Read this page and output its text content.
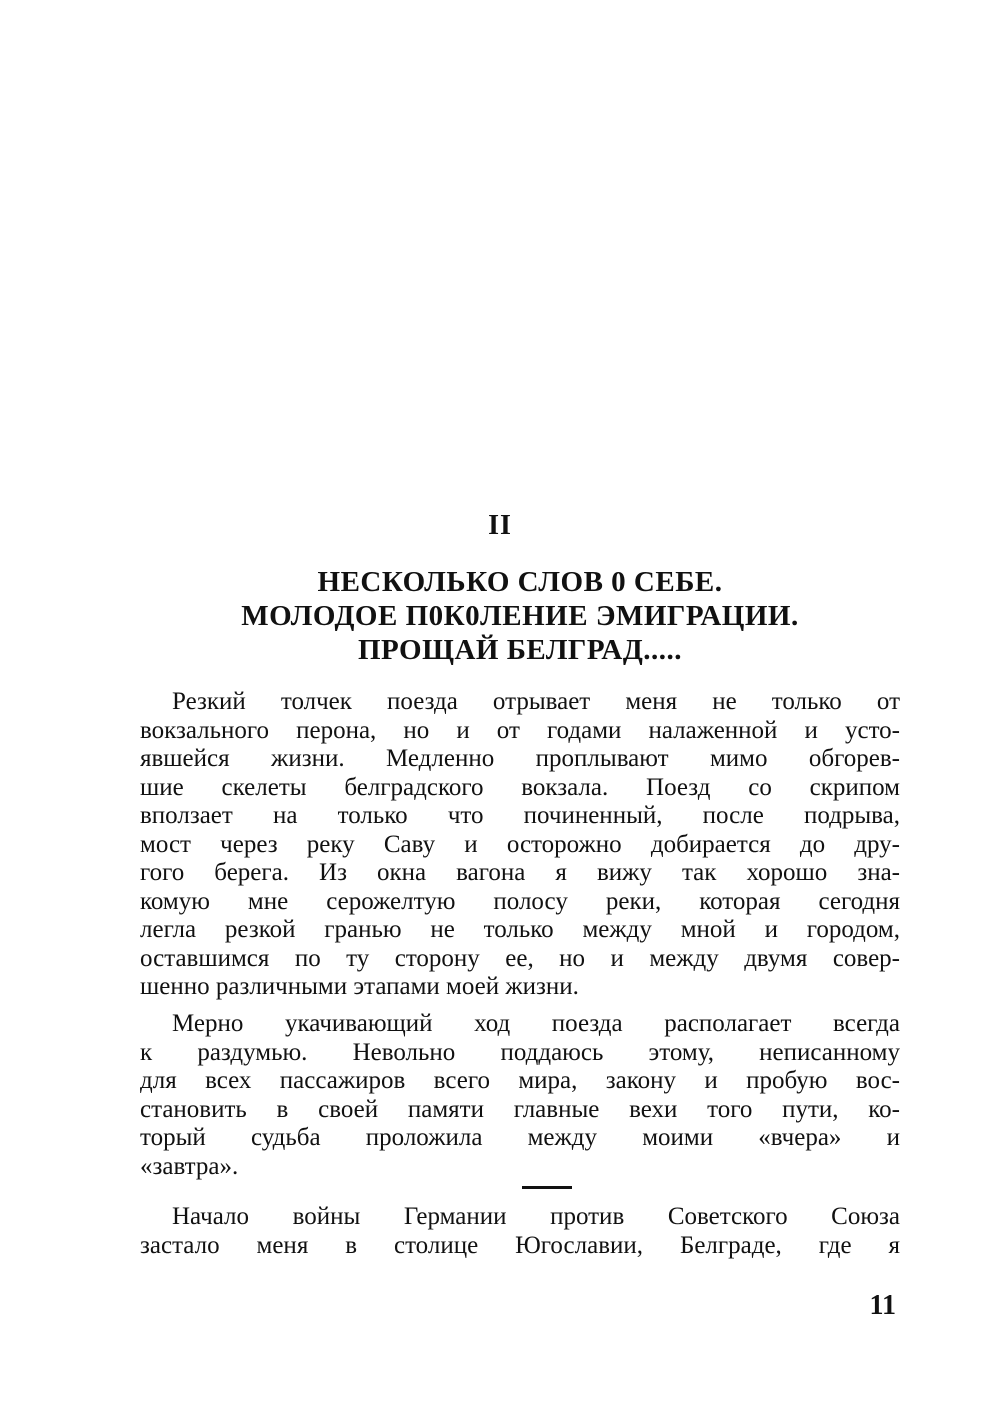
II
НЕСКОЛЬКО СЛОВ 0 СЕБЕ.
МОЛОДОЕ П0К0ЛЕНИЕ ЭМИГРАЦИИ.
ПРОЩАЙ БЕЛГРАД.....
Резкий толчек поезда отрывает меня не только от
вокзального перона, но и от годами налаженной и усто-
явшейся жизни. Медленно проплывают мимо обгорев-
шие скелеты белградского вокзала. Поезд со скрипом
вползает на только что починенный, после подрыва,
мост через реку Саву и осторожно добирается до дру-
гого берега. Из окна вагона я вижу так хорошо зна-
комую мне серожелтую полосу реки, которая сегодня
легла резкой гранью не только между мной и городом,
оставшимся по ту сторону ее, но и между двумя совер-
шенно различными этапами моей жизни.
Мерно укачивающий ход поезда располагает всегда
к раздумью. Невольно поддаюсь этому, неписанному
для всех пассажиров всего мира, закону и пробую вос-
становить в своей памяти главные вехи того пути, ко-
торый судьба проложила между моими «вчера» и
«завтра».
Начало войны Германии против Советского Союза
застало меня в столице Югославии, Белграде, где я
11
